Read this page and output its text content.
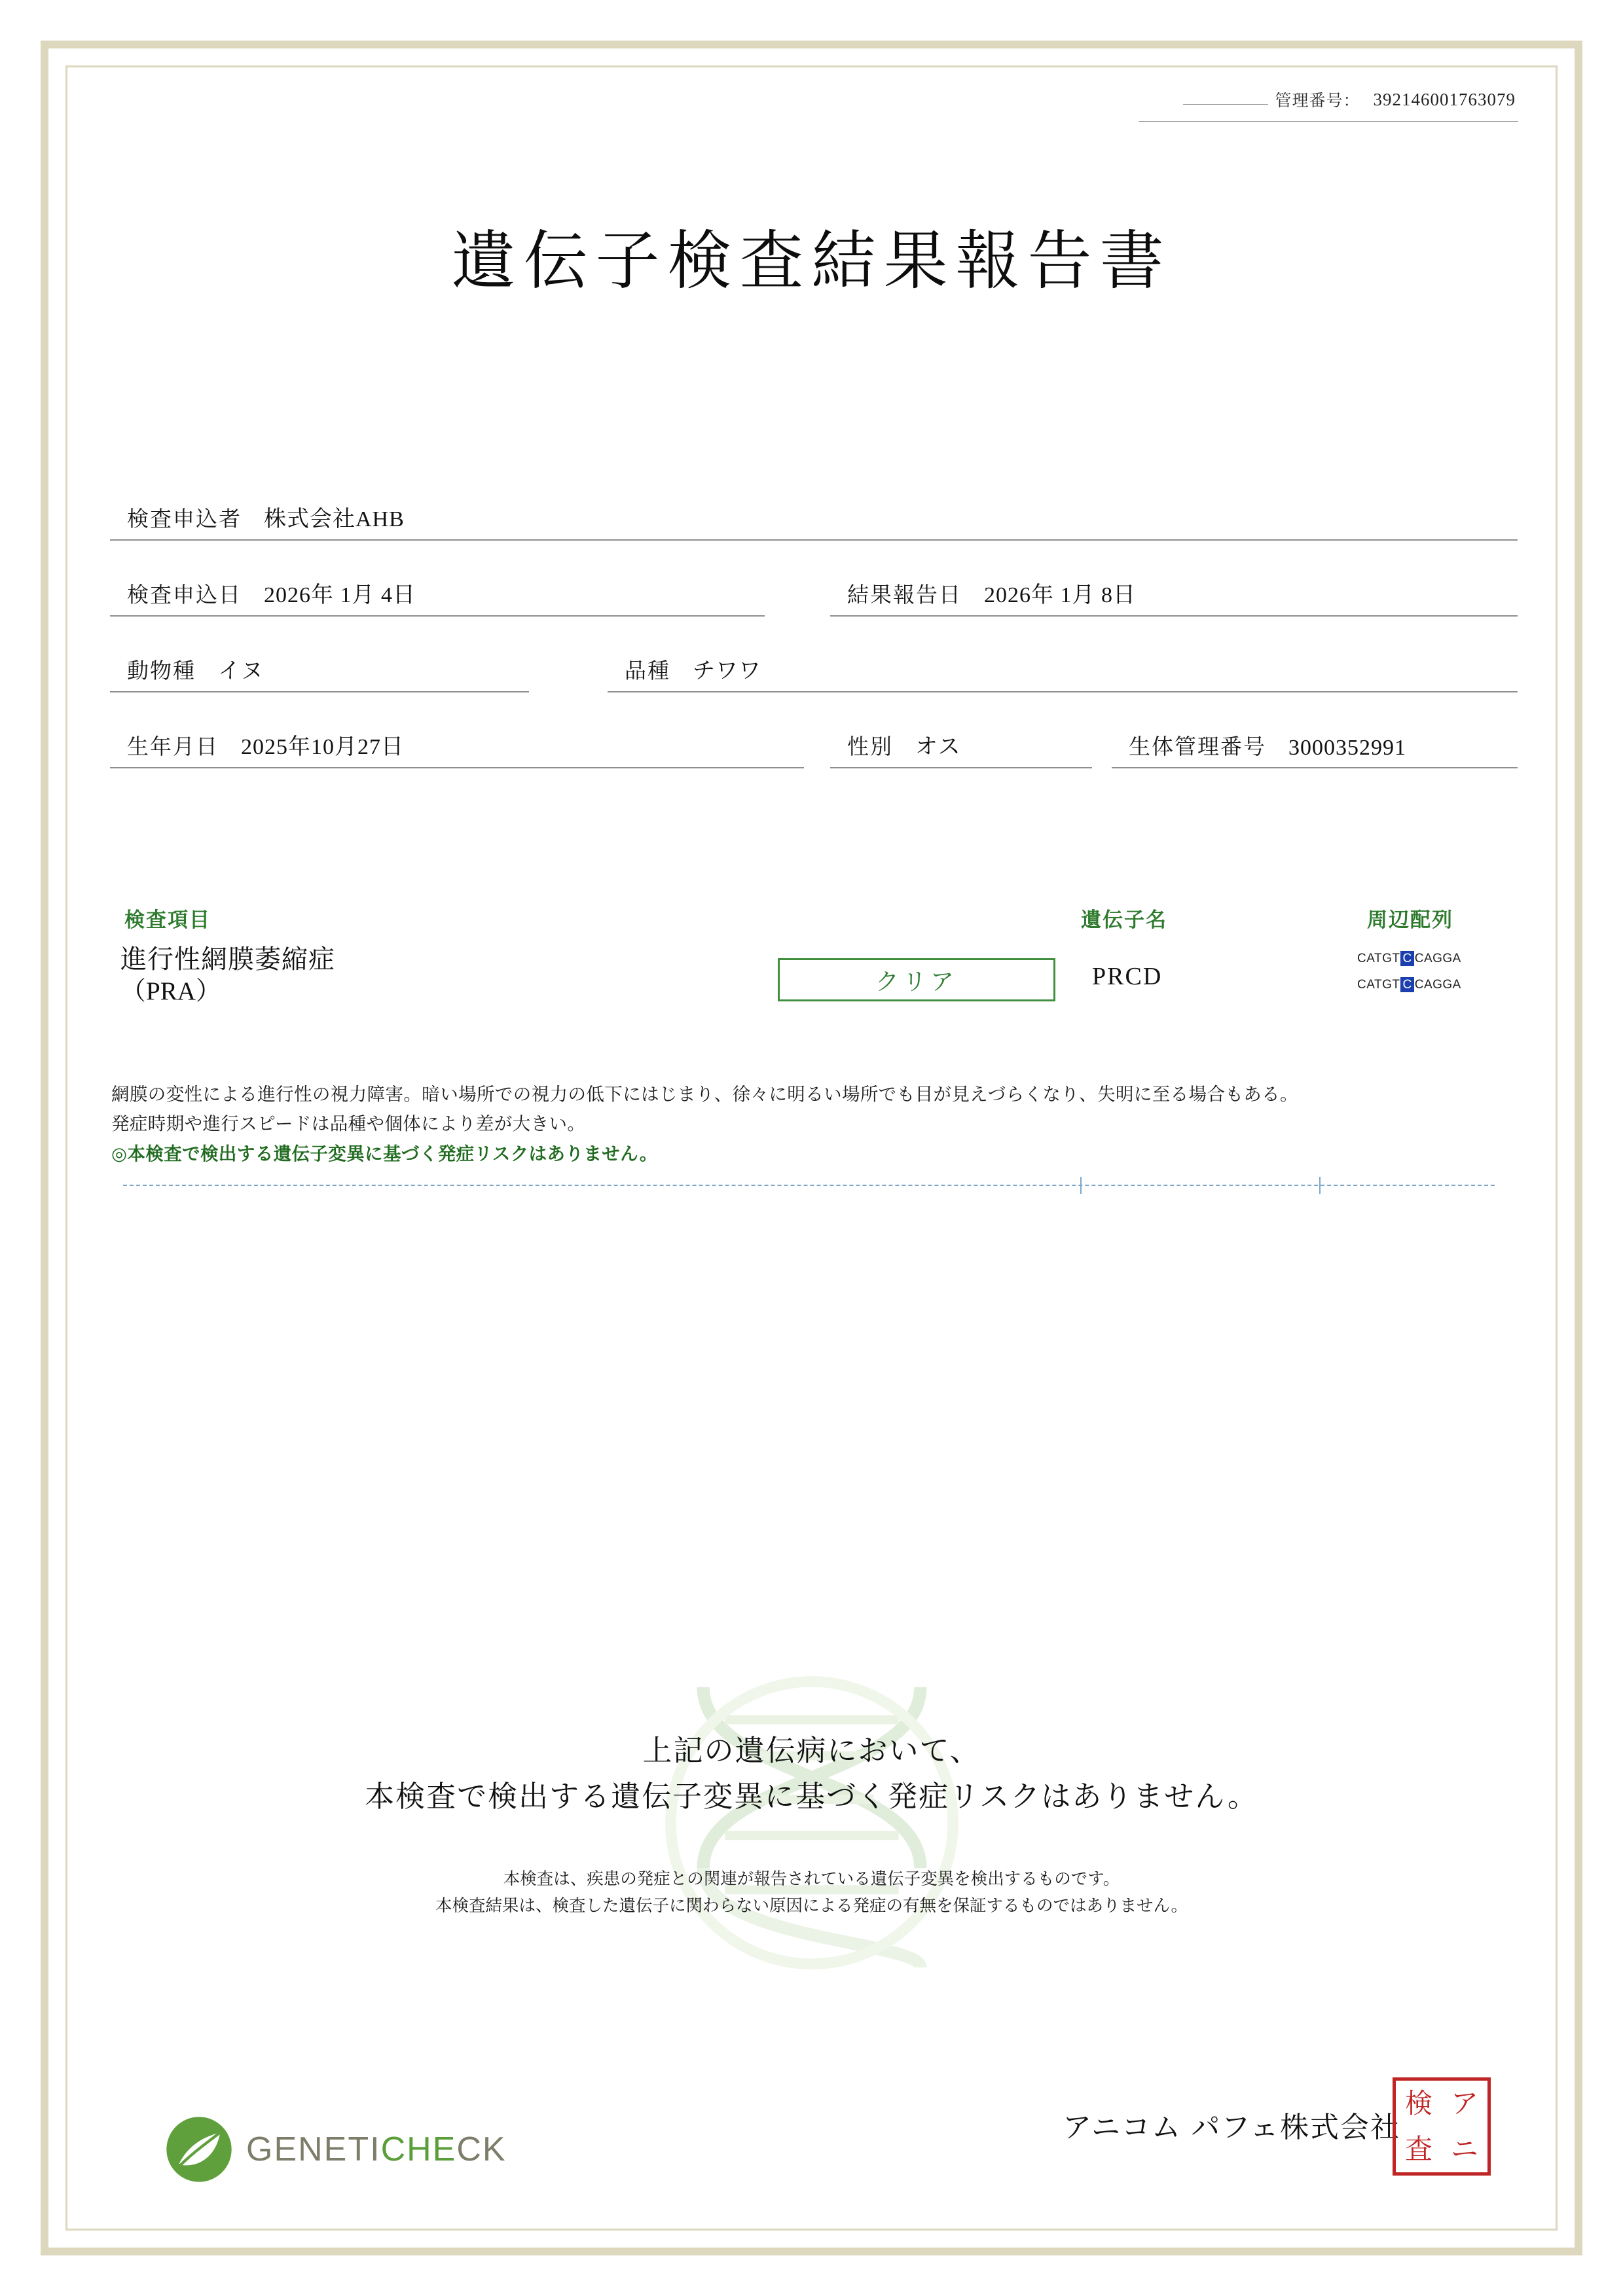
管理番号： 392146001763079
遺伝子検査結果報告書
検査申込者	株式会社AHB
検査申込日	2026年 1月 4日	結果報告日	2026年 1月 8日
動物種	イヌ	品種	チワワ
生年月日	2025年10月27日	性別	オス	生体管理番号	3000352991
検査項目	遺伝子名	周辺配列
進行性網膜萎縮症
（PRA）	クリア	PRCD
CATGT C CAGGA
CATGT C CAGGA
網膜の変性による進行性の視力障害。暗い場所での視力の低下にはじまり、徐々に明るい場所でも目が見えづらくなり、失明に至る場合もある。
発症時期や進行スピードは品種や個体により差が大きい。
◎本検査で検出する遺伝子変異に基づく発症リスクはありません。
上記の遺伝病において、
本検査で検出する遺伝子変異に基づく発症リスクはありません。
本検査は、疾患の発症との関連が報告されている遺伝子変異を検出するものです。
本検査結果は、検査した遺伝子に関わらない原因による発症の有無を保証するものではありません。
GENETICHECK
アニコム パフェ株式会社
検 ア
査 ニ
